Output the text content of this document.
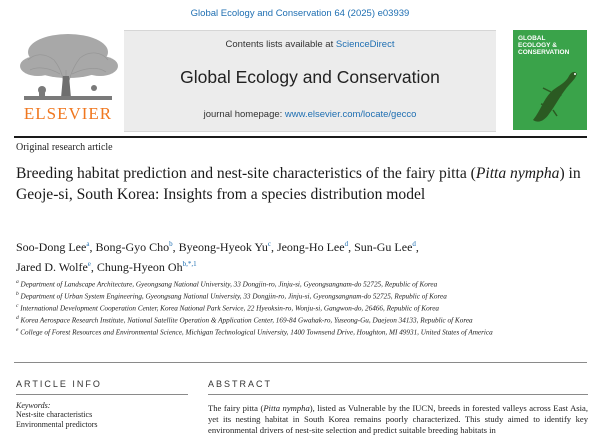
Global Ecology and Conservation 64 (2025) e03939
ELSEVIER
Contents lists available at ScienceDirect
Global Ecology and Conservation
journal homepage: www.elsevier.com/locate/gecco
GLOBAL
ECOLOGY &
CONSERVATION
Original research article
Breeding habitat prediction and nest-site characteristics of the fairy pitta (Pitta nympha) in Geoje-si, South Korea: Insights from a species distribution model
Soo-Dong Lee$^a$, Bong-Gyo Cho$^b$, Byeong-Hyeok Yu$^c$, Jeong-Ho Lee$^d$, Sun-Gu Lee$^d$,
Jared D. Wolfe$^e$, Chung-Hyeon $Oh^{b,*,1}$
$^a$ Department of Landscape Architecture, Gyeongsang National University, 33 Dongjin-ro, Jinju-si, Gyeongsangnam-do 52725, Republic of Korea
$^b$ Department of Urban System Engineering, Gyeongsang National University, 33 Dongjin-ro, Jinju-si, Gyeongsangnam-do 52725, Republic of Korea
$^c$ International Development Cooperation Center, Korea National Park Service, 22 Hyeoksin-ro, Wonju-si, Gangwon-do, 26466, Republic of Korea
$^d$ Korea Aerospace Research Institute, National Satellite Operation & Application Center, 169-84 Gwahak-ro, Yuseong-Gu, Daejeon 34133, Republic of Korea
$^e$ College of Forest Resources and Environmental Science, Michigan Technological University, 1400 Townsend Drive, Houghton, MI 49931, United States of America
ARTICLE INFO
Keywords:
Nest-site characteristics
Environmental predictors
ABSTRACT
The fairy pitta (Pitta nympha), listed as Vulnerable by the IUCN, breeds in forested valleys across East Asia, yet its nesting habitat in South Korea remains poorly characterized. This study aimed to identify key environmental drivers of nest-site selection and predict suitable breeding habitats in
